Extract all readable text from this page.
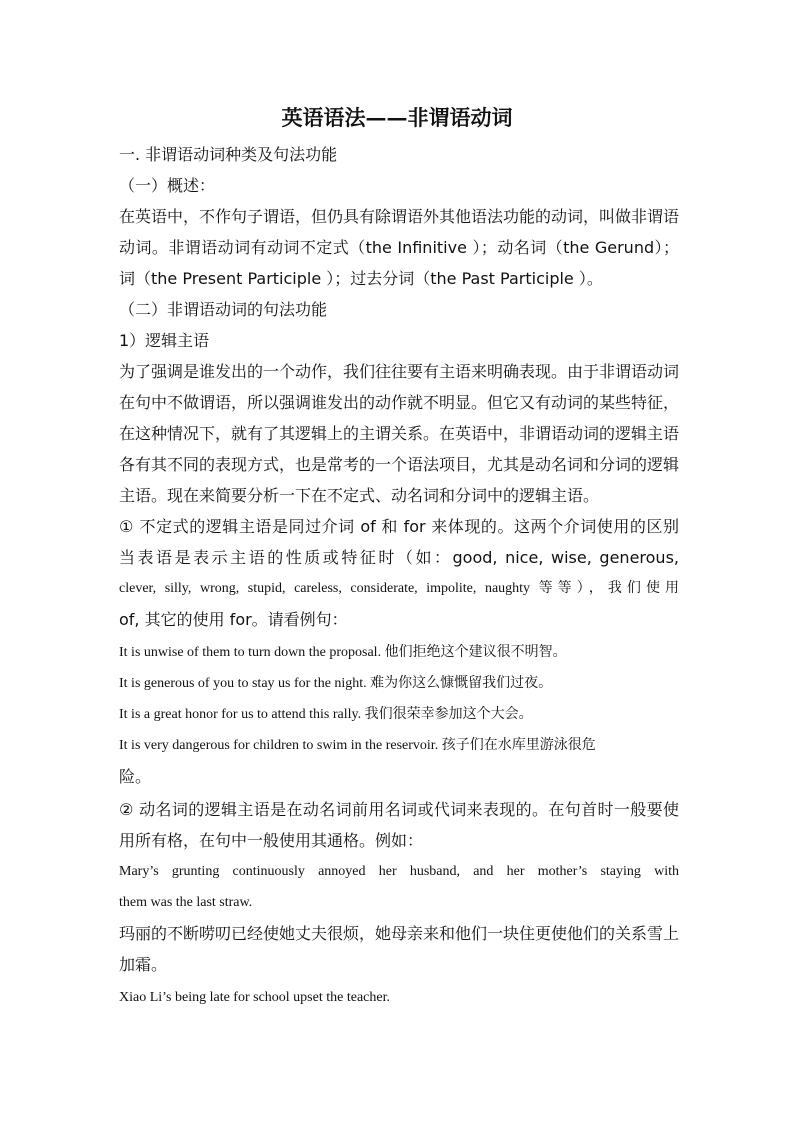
英语语法——非谓语动词
一. 非谓语动词种类及句法功能
（一）概述：
在英语中，不作句子谓语，但仍具有除谓语外其他语法功能的动词，叫做非谓语
动词。非谓语动词有动词不定式（the Infinitive ）；动名词（the Gerund）；
词（the Present Participle ）；过去分词（the Past Participle ）。
（二）非谓语动词的句法功能
1）逻辑主语
为了强调是谁发出的一个动作，我们往往要有主语来明确表现。由于非谓语动词
在句中不做谓语，所以强调谁发出的动作就不明显。但它又有动词的某些特征，
在这种情况下，就有了其逻辑上的主谓关系。在英语中，非谓语动词的逻辑主语
各有其不同的表现方式，也是常考的一个语法项目，尤其是动名词和分词的逻辑
主语。现在来简要分析一下在不定式、动名词和分词中的逻辑主语。
① 不定式的逻辑主语是同过介词 of 和 for 来体现的。这两个介词使用的区别
当表语是表示主语的性质或特征时（如：good, nice, wise, generous,
clever, silly, wrong, stupid, careless, considerate, impolite, naughty 等等），我们使用
of, 其它的使用 for。请看例句：
It is unwise of them to turn down the proposal. 他们拒绝这个建议很不明智。
It is generous of you to stay us for the night. 难为你这么慷慨留我们过夜。
It is a great honor for us to attend this rally. 我们很荣幸参加这个大会。
It is very dangerous for children to swim in the reservoir. 孩子们在水库里游泳很危
险。
② 动名词的逻辑主语是在动名词前用名词或代词来表现的。在句首时一般要使
用所有格，在句中一般使用其通格。例如：
Mary’s grunting continuously annoyed her husband, and her mother’s staying with
them was the last straw.
玛丽的不断唠叨已经使她丈夫很烦，她母亲来和他们一块住更使他们的关系雪上
加霜。
Xiao Li’s being late for school upset the teacher.
